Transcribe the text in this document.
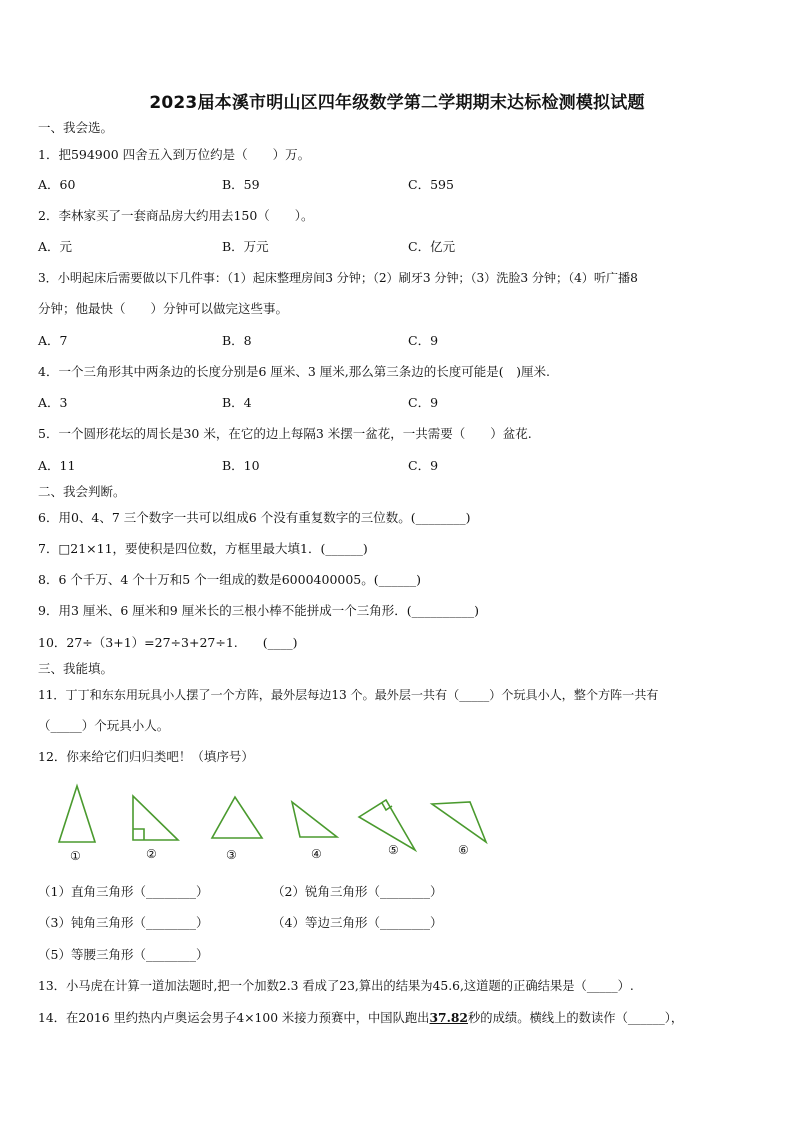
2023届本溪市明山区四年级数学第二学期期末达标检测模拟试题
一、我会选。
1．把594900 四舍五入到万位约是（　　）万。
A．60	B．59	C．595
2．李林家买了一套商品房大约用去150（　　）。
A．元	B．万元	C．亿元
3．小明起床后需要做以下几件事：（1）起床整理房间3 分钟；（2）刷牙3 分钟；（3）洗脸3 分钟；（4）听广播8
分钟；他最快（　　）分钟可以做完这些事。
A．7	B．8	C．9
4．一个三角形其中两条边的长度分别是6 厘米、3 厘米,那么第三条边的长度可能是(　)厘米.
A．3	B．4	C．9
5．一个圆形花坛的周长是30 米，在它的边上每隔3 米摆一盆花，一共需要（　　）盆花.
A．11	B．10	C．9
二、我会判断。
6．用0、4、7 三个数字一共可以组成6 个没有重复数字的三位数。(________)
7．□21×11，要使积是四位数，方框里最大填1．(______)
8．6 个千万、4 个十万和5 个一组成的数是6000400005。(______)
9．用3 厘米、6 厘米和9 厘米长的三根小棒不能拼成一个三角形．(__________)
10．27÷（3+1）=27÷3+27÷1.　　(____)
三、我能填。
11．丁丁和东东用玩具小人摆了一个方阵，最外层每边13 个。最外层一共有（_____）个玩具小人，整个方阵一共有
（_____）个玩具小人。
12．你来给它们归归类吧！（填序号）
①	②	③	④	⑤	⑥
（1）直角三角形（________）	（2）锐角三角形（________）
（3）钝角三角形（________）	（4）等边三角形（________）
（5）等腰三角形（________）
13．小马虎在计算一道加法题时,把一个加数2.3 看成了23,算出的结果为45.6,这道题的正确结果是（_____）.
14．在2016 里约热内卢奥运会男子4×100 米接力预赛中，中国队跑出37.82秒的成绩。横线上的数读作（______），
